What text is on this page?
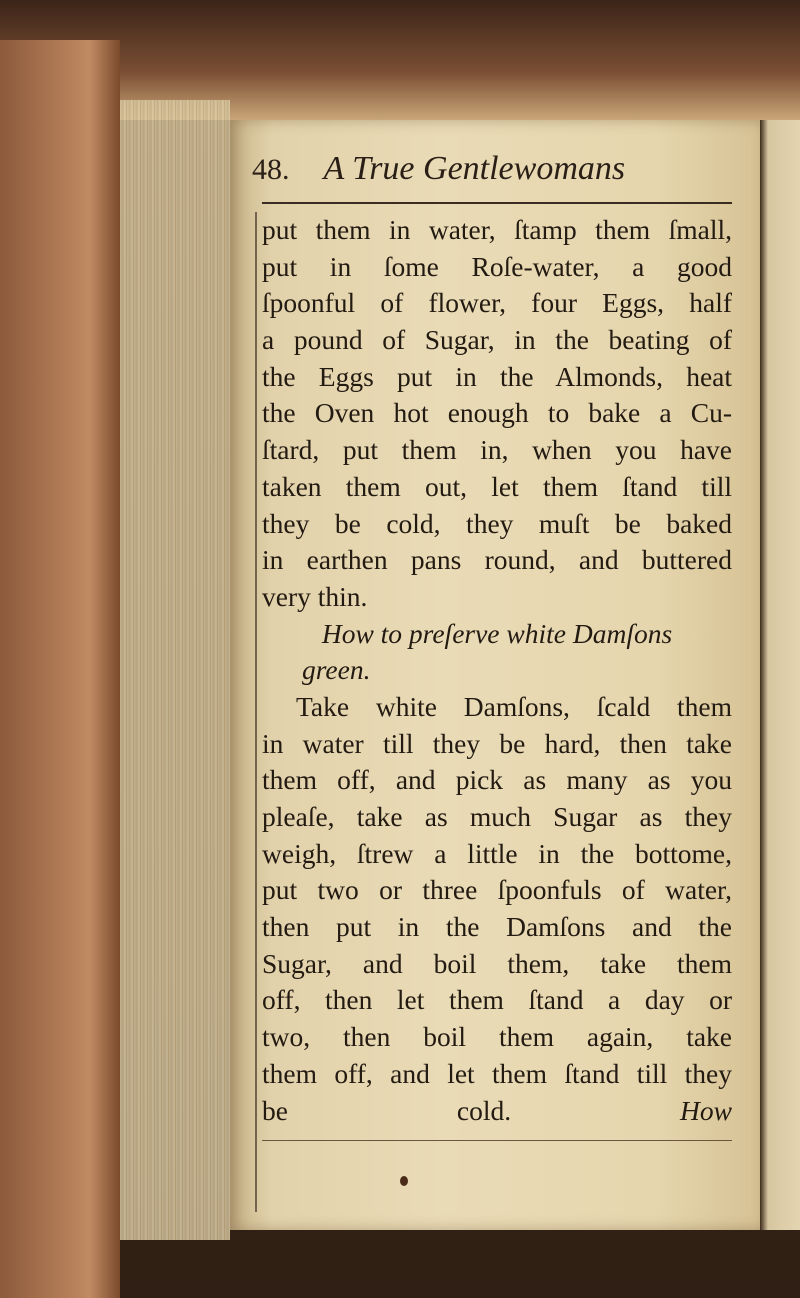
48. A True Gentlewomans
put them in water, ſtamp them ſmall,
put in ſome Roſe-water, a good
ſpoonful of flower, four Eggs, half
a pound of Sugar, in the beating of
the Eggs put in the Almonds, heat
the Oven hot enough to bake a Cu-
ſtard, put them in, when you have
taken them out, let them ſtand till
they be cold, they muſt be baked
in earthen pans round, and buttered
very thin.
How to preſerve white Damſons
green.
Take white Damſons, ſcald them
in water till they be hard, then take
them off, and pick as many as you
pleaſe, take as much Sugar as they
weigh, ſtrew a little in the bottome,
put two or three ſpoonfuls of water,
then put in the Damſons and the
Sugar, and boil them, take them
off, then let them ſtand a day or
two, then boil them again, take
them off, and let them ſtand till they
be cold.	How
